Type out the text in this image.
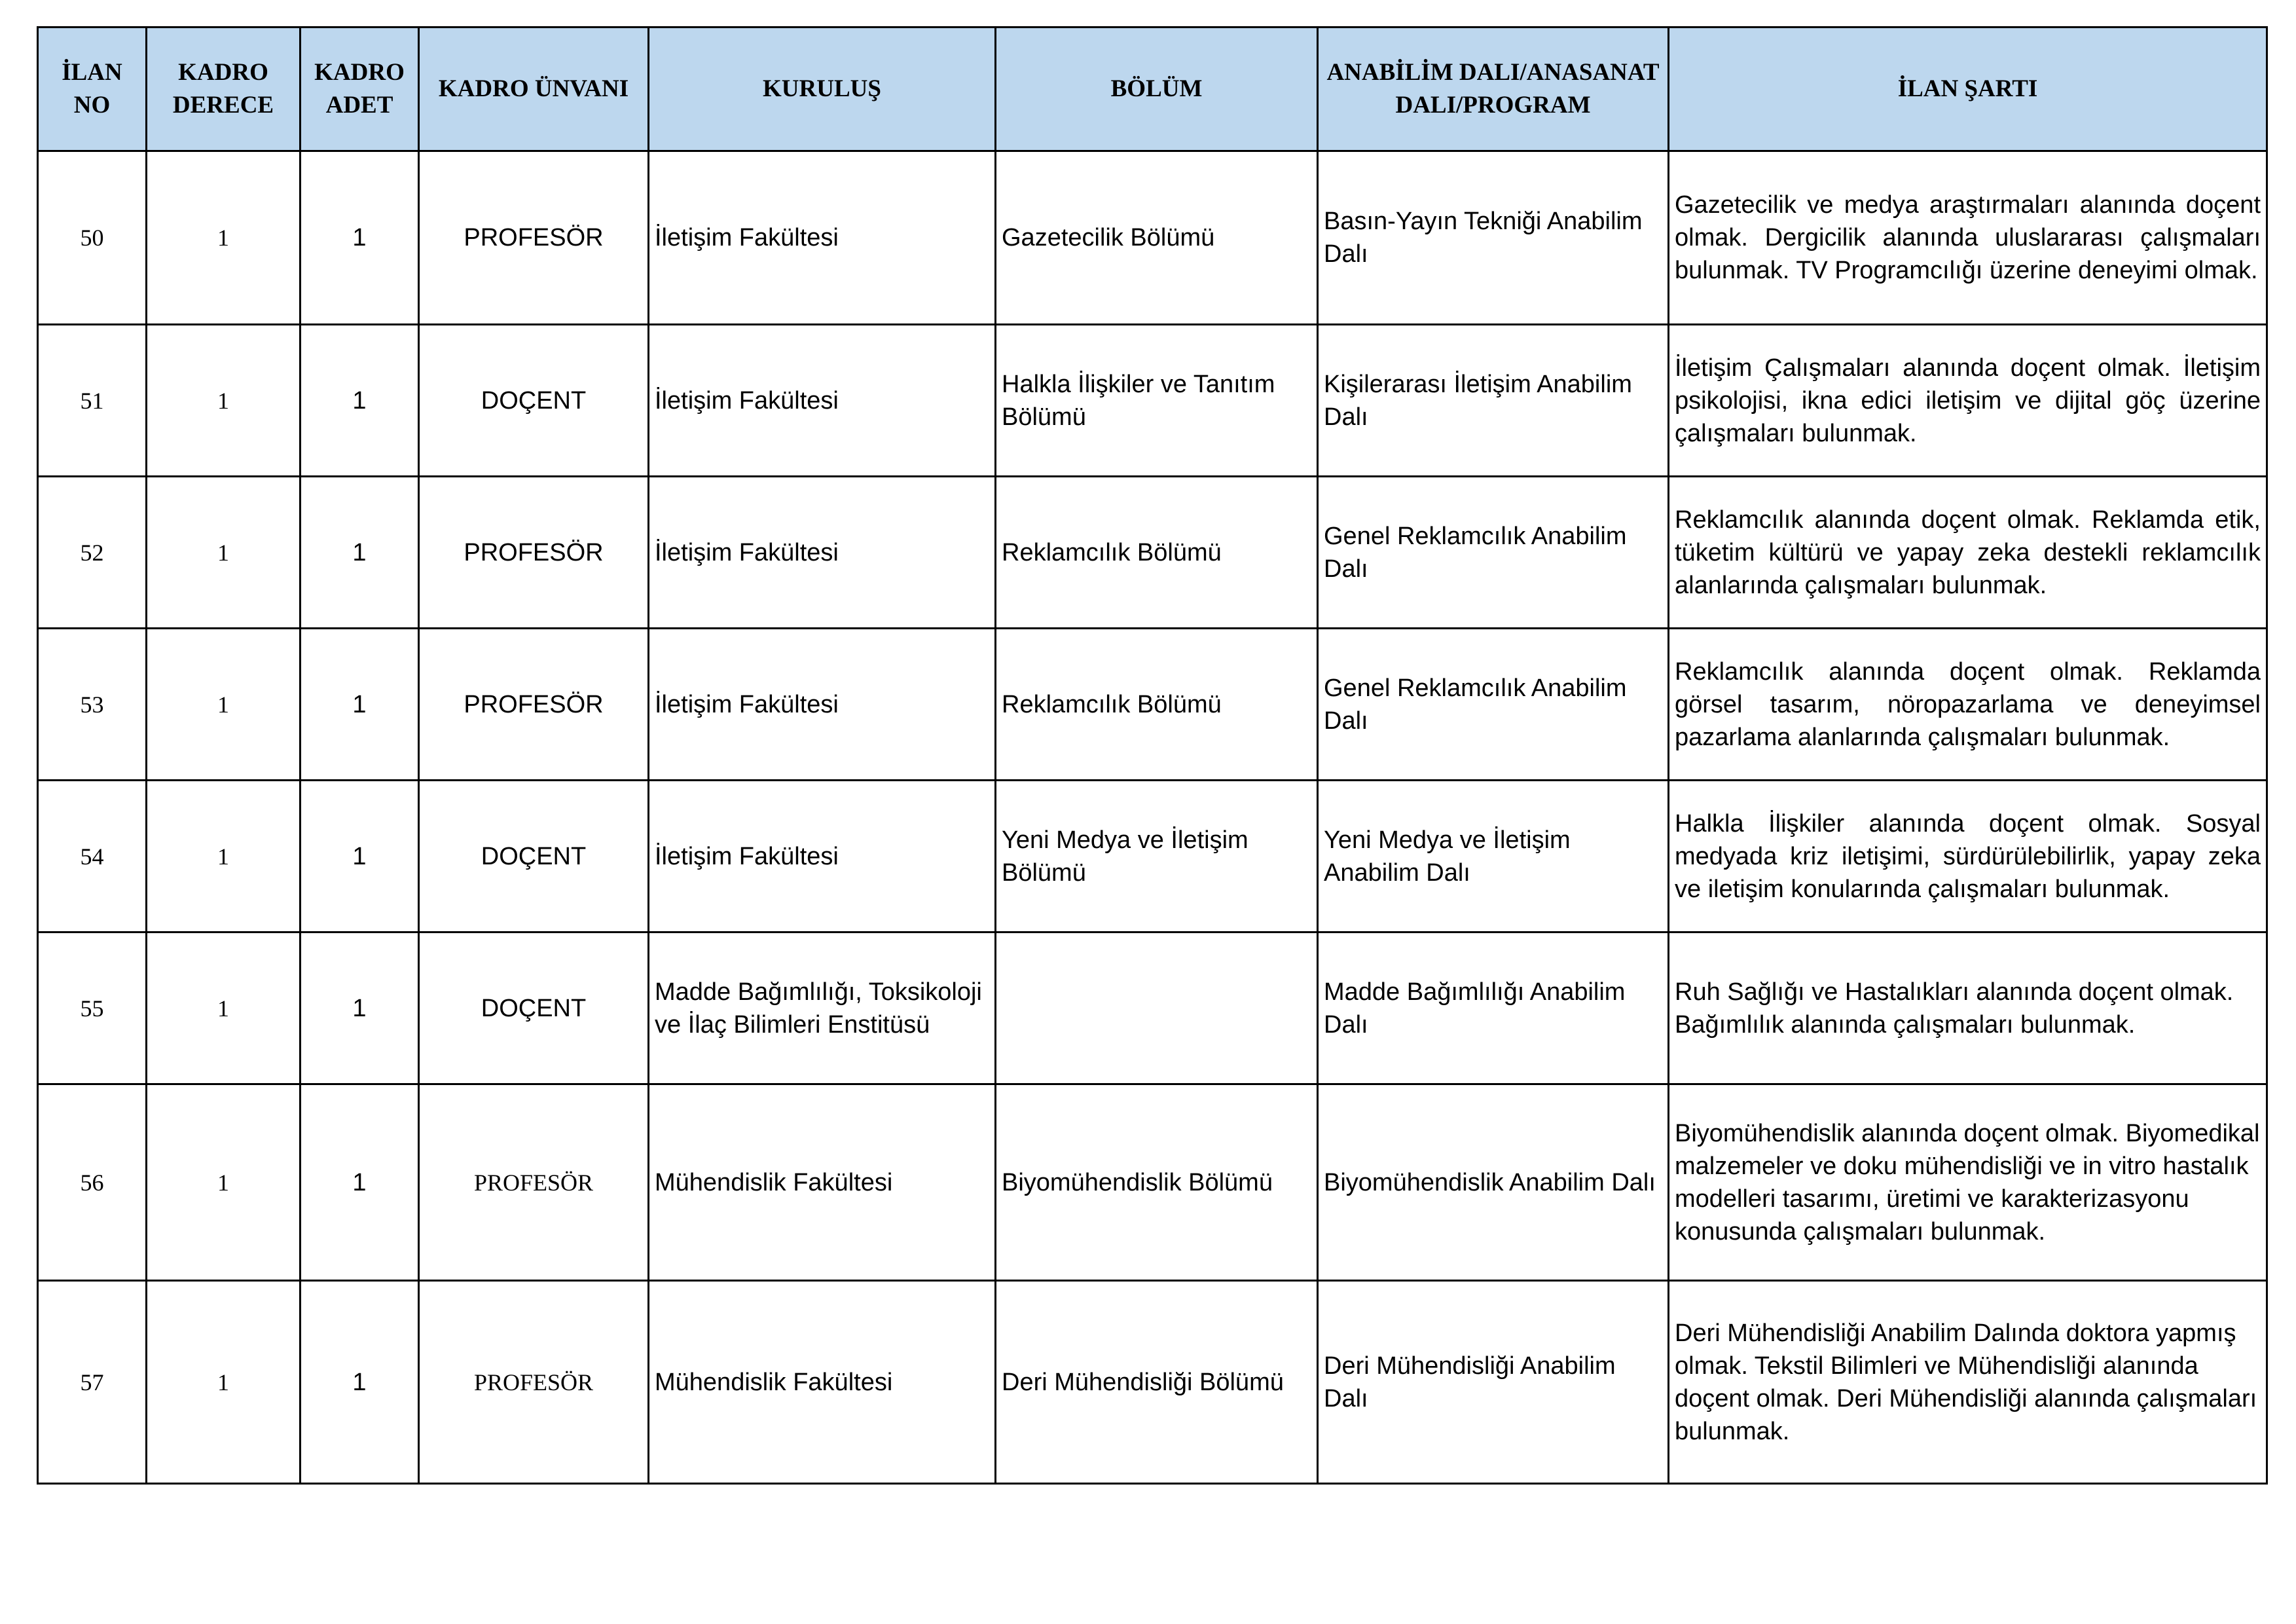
İLAN NO	KADRO DERECE	KADRO ADET	KADRO ÜNVANI	KURULUŞ	BÖLÜM	ANABİLİM DALI/ANASANAT DALI/PROGRAM	İLAN ŞARTI
50	1	1	PROFESÖR	İletişim Fakültesi	Gazetecilik Bölümü	Basın-Yayın Tekniği Anabilim Dalı	Gazetecilik ve medya araştırmaları alanında doçent olmak. Dergicilik alanında uluslararası çalışmaları bulunmak. TV Programcılığı üzerine deneyimi olmak.
51	1	1	DOÇENT	İletişim Fakültesi	Halkla İlişkiler ve Tanıtım Bölümü	Kişilerarası İletişim Anabilim Dalı	İletişim Çalışmaları alanında doçent olmak. İletişim psikolojisi, ikna edici iletişim ve dijital göç üzerine çalışmaları bulunmak.
52	1	1	PROFESÖR	İletişim Fakültesi	Reklamcılık Bölümü	Genel Reklamcılık Anabilim Dalı	Reklamcılık alanında doçent olmak. Reklamda etik, tüketim kültürü ve yapay zeka destekli reklamcılık alanlarında çalışmaları bulunmak.
53	1	1	PROFESÖR	İletişim Fakültesi	Reklamcılık Bölümü	Genel Reklamcılık Anabilim Dalı	Reklamcılık alanında doçent olmak. Reklamda görsel tasarım, nöropazarlama ve deneyimsel pazarlama alanlarında çalışmaları bulunmak.
54	1	1	DOÇENT	İletişim Fakültesi	Yeni Medya ve İletişim Bölümü	Yeni Medya ve İletişim Anabilim Dalı	Halkla İlişkiler alanında doçent olmak. Sosyal medyada kriz iletişimi, sürdürülebilirlik, yapay zeka ve iletişim konularında çalışmaları bulunmak.
55	1	1	DOÇENT	Madde Bağımlılığı, Toksikoloji ve İlaç Bilimleri Enstitüsü		Madde Bağımlılığı Anabilim Dalı	Ruh Sağlığı ve Hastalıkları alanında doçent olmak. Bağımlılık alanında çalışmaları bulunmak.
56	1	1	PROFESÖR	Mühendislik Fakültesi	Biyomühendislik Bölümü	Biyomühendislik Anabilim Dalı	Biyomühendislik alanında doçent olmak. Biyomedikal malzemeler ve doku mühendisliği ve in vitro hastalık modelleri tasarımı, üretimi ve karakterizasyonu konusunda çalışmaları bulunmak.
57	1	1	PROFESÖR	Mühendislik Fakültesi	Deri Mühendisliği Bölümü	Deri Mühendisliği Anabilim Dalı	Deri Mühendisliği Anabilim Dalında doktora yapmış olmak. Tekstil Bilimleri ve Mühendisliği alanında doçent olmak. Deri Mühendisliği alanında çalışmaları bulunmak.
